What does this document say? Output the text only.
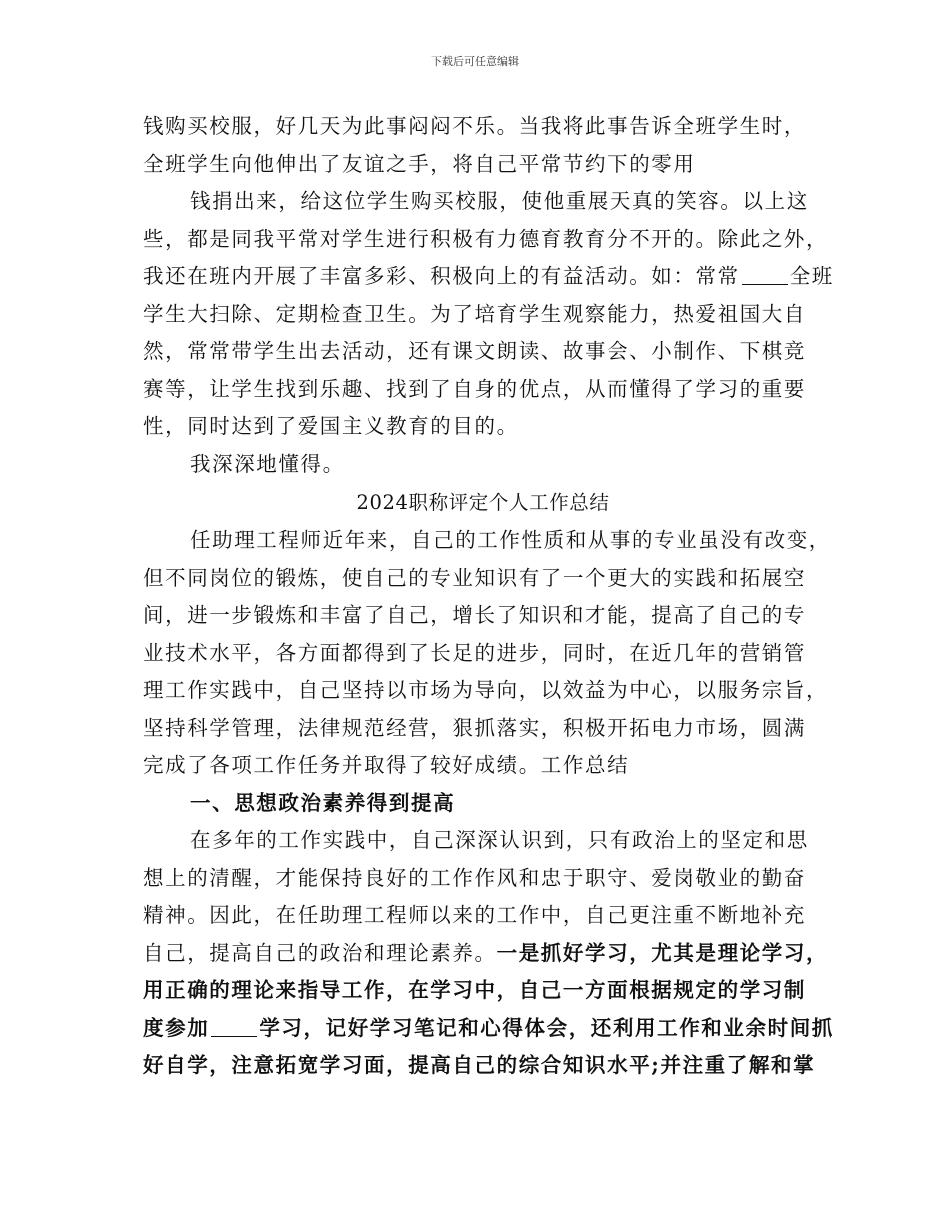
下载后可任意编辑
钱购买校服，好几天为此事闷闷不乐。当我将此事告诉全班学生时，
全班学生向他伸出了友谊之手，将自己平常节约下的零用
钱捐出来，给这位学生购买校服，使他重展天真的笑容。以上这
些，都是同我平常对学生进行积极有力德育教育分不开的。除此之外，
我还在班内开展了丰富多彩、积极向上的有益活动。如：常常 全班
学生大扫除、定期检查卫生。为了培育学生观察能力，热爱祖国大自
然，常常带学生出去活动，还有课文朗读、故事会、小制作、下棋竞
赛等，让学生找到乐趣、找到了自身的优点，从而懂得了学习的重要
性，同时达到了爱国主义教育的目的。
我深深地懂得。
2024职称评定个人工作总结
任助理工程师近年来，自己的工作性质和从事的专业虽没有改变，
但不同岗位的锻炼，使自己的专业知识有了一个更大的实践和拓展空
间，进一步锻炼和丰富了自己，增长了知识和才能，提高了自己的专
业技术水平，各方面都得到了长足的进步，同时，在近几年的营销管
理工作实践中，自己坚持以市场为导向，以效益为中心，以服务宗旨，
坚持科学管理，法律规范经营，狠抓落实，积极开拓电力市场，圆满
完成了各项工作任务并取得了较好成绩。工作总结
一、思想政治素养得到提高
在多年的工作实践中，自己深深认识到，只有政治上的坚定和思
想上的清醒，才能保持良好的工作作风和忠于职守、爱岗敬业的勤奋
精神。因此，在任助理工程师以来的工作中，自己更注重不断地补充
自己，提高自己的政治和理论素养。一是抓好学习，尤其是理论学习，
用正确的理论来指导工作，在学习中，自己一方面根据规定的学习制
度参加 学习，记好学习笔记和心得体会，还利用工作和业余时间抓
好自学，注意拓宽学习面，提高自己的综合知识水平;并注重了解和掌
